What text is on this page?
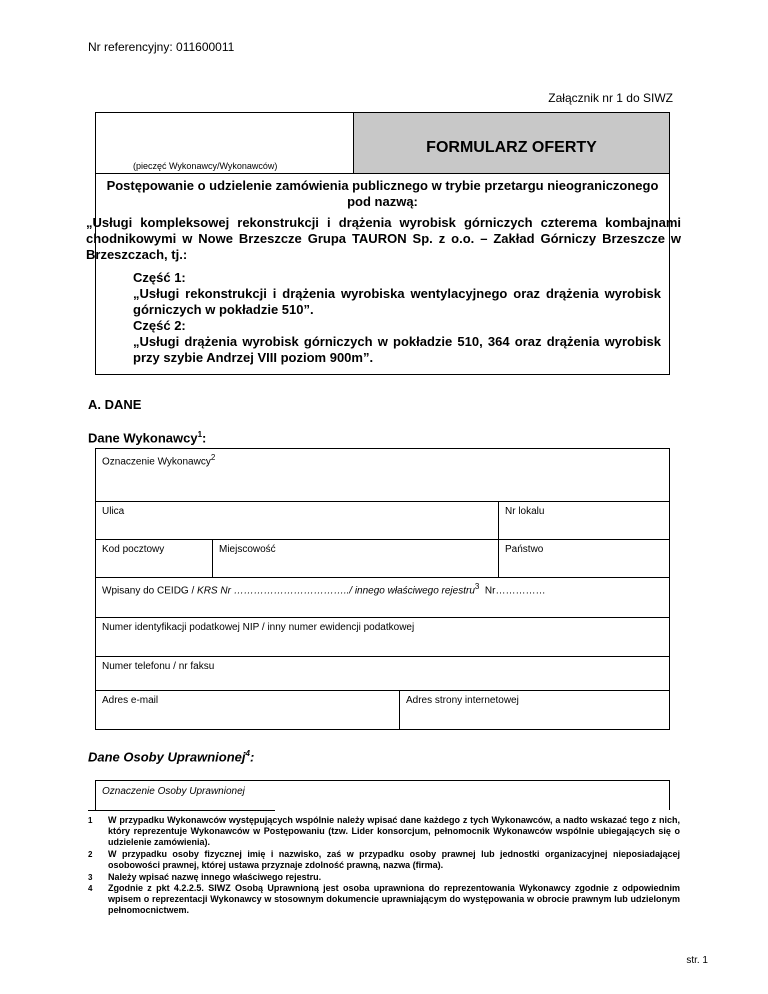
Nr referencyjny: 011600011
Załącznik nr 1 do SIWZ
(pieczęć Wykonawcy/Wykonawców)
FORMULARZ OFERTY
Postępowanie o udzielenie zamówienia publicznego w trybie przetargu nieograniczonego pod nazwą:
„Usługi kompleksowej rekonstrukcji i drążenia wyrobisk górniczych czterema kombajnami chodnikowymi w Nowe Brzeszcze Grupa TAURON Sp. z o.o. – Zakład Górniczy Brzeszcze w Brzeszczach, tj.:
Część 1:
„Usługi rekonstrukcji i drążenia wyrobiska wentylacyjnego oraz drążenia wyrobisk górniczych w pokładzie 510”.
Część 2:
„Usługi drążenia wyrobisk górniczych w pokładzie 510, 364 oraz drążenia wyrobisk przy szybie Andrzej VIII poziom 900m”.
A. DANE
Dane Wykonawcy$^1$:
Oznaczenie Wykonawcy$^2$
Ulica	Nr lokalu
Kod pocztowy	Miejscowość	Państwo
Wpisany do CEIDG / KRS Nr ……………………………../ innego właściwego rejestru$^3$ Nr……………
Numer identyfikacji podatkowej NIP / inny numer ewidencji podatkowej
Numer telefonu / nr faksu
Adres e-mail	Adres strony internetowej
Dane Osoby Uprawnionej$^4$:
Oznaczenie Osoby Uprawnionej
1 W przypadku Wykonawców występujących wspólnie należy wpisać dane każdego z tych Wykonawców, a nadto wskazać tego z nich, który reprezentuje Wykonawców w Postępowaniu (tzw. Lider konsorcjum, pełnomocnik Wykonawców wspólnie ubiegających się o udzielenie zamówienia).
2 W przypadku osoby fizycznej imię i nazwisko, zaś w przypadku osoby prawnej lub jednostki organizacyjnej nieposiadającej osobowości prawnej, której ustawa przyznaje zdolność prawną, nazwa (firma).
3 Należy wpisać nazwę innego właściwego rejestru.
4 Zgodnie z pkt 4.2.2.5. SIWZ Osobą Uprawnioną jest osoba uprawniona do reprezentowania Wykonawcy zgodnie z odpowiednim wpisem o reprezentacji Wykonawcy w stosownym dokumencie uprawniającym do występowania w obrocie prawnym lub udzielonym pełnomocnictwem.
str. 1
